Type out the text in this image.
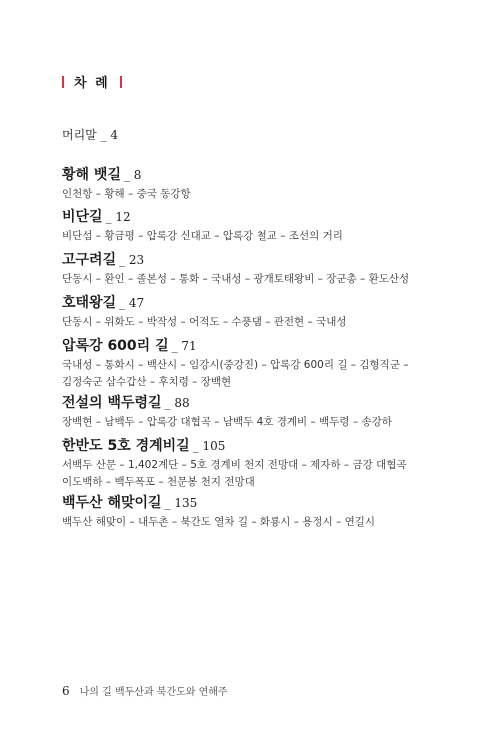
차 례
머리말 _ 4
황해 뱃길 _ 8
인천항 – 황해 – 중국 동강항
비단길 _ 12
비단섬 – 황금평 – 압록강 신대교 – 압록강 철교 – 조선의 거리
고구려길 _ 23
단동시 – 환인 – 졸본성 – 통화 – 국내성 – 광개토태왕비 – 장군총 – 환도산성
호태왕길 _ 47
단동시 – 위화도 – 박작성 – 어적도 – 수풍댐 – 관전현 – 국내성
압록강 600리 길 _ 71
국내성 – 통화시 – 백산시 – 임강시(중강진) – 압록강 600리 길 – 김형직군 –
김정숙군 삼수갑산 – 후치령 – 장백현
전설의 백두령길 _ 88
장백현 – 남백두 – 압록강 대협곡 – 남백두 4호 경계비 – 백두령 – 송강하
한반도 5호 경계비길 _ 105
서백두 산문 – 1,402계단 – 5호 경계비 천지 전망대 – 제자하 – 금강 대협곡
이도백하 – 백두폭포 – 천문봉 천지 전망대
백두산 해맞이길 _ 135
백두산 해맞이 – 내두촌 – 북간도 열차 길 – 화룡시 – 용정시 – 연길시
6 나의 길 백두산과 북간도와 연해주
